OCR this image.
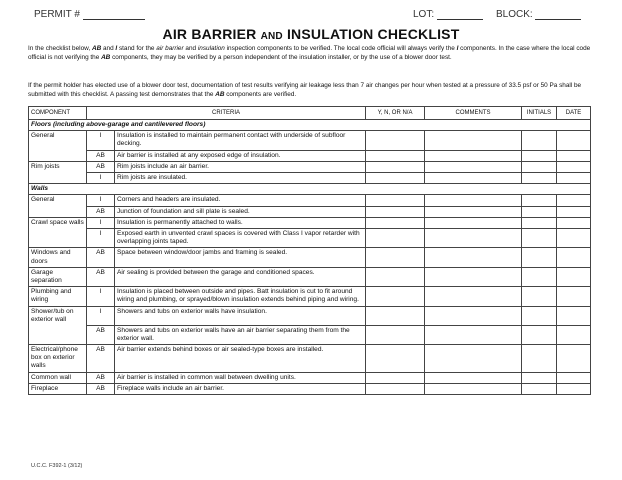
PERMIT #	LOT:	BLOCK:
AIR BARRIER AND INSULATION CHECKLIST
In the checklist below, AB and I stand for the air barrier and insulation inspection components to be verified. The local code official will always verify the I components. In the case where the local code official is not verifying the AB components, they may be verified by a person independent of the insulation installer, or by the use of a blower door test.
If the permit holder has elected use of a blower door test, documentation of test results verifying air leakage less than 7 air changes per hour when tested at a pressure of 33.5 psf or 50 Pa shall be submitted with this checklist. A passing test demonstrates that the AB components are verified.
COMPONENT	CRITERIA		Y, N, OR N/A	COMMENTS	INITIALS	DATE
Floors (including above-garage and cantilevered floors)						
General	I	Insulation is installed to maintain permanent contact with underside of subfloor decking.				
	AB	Air barrier is installed at any exposed edge of insulation.				
Rim joists	AB	Rim joists include an air barrier.				
	I	Rim joists are insulated.				
Walls						
General	I	Corners and headers are insulated.				
	AB	Junction of foundation and sill plate is sealed.				
Crawl space walls	I	Insulation is permanently attached to walls.				
	I	Exposed earth in unvented crawl spaces is covered with Class I vapor retarder with overlapping joints taped.				
Windows and doors	AB	Space between window/door jambs and framing is sealed.				
Garage separation	AB	Air sealing is provided between the garage and conditioned spaces.				
Plumbing and wiring	I	Insulation is placed between outside and pipes. Batt insulation is cut to fit around wiring and plumbing, or sprayed/blown insulation extends behind piping and wiring.				
Shower/tub on exterior wall	I	Showers and tubs on exterior walls have insulation.				
	AB	Showers and tubs on exterior walls have an air barrier separating them from the exterior wall.				
Electrical/phone box on exterior walls	AB	Air barrier extends behind boxes or air sealed-type boxes are installed.				
Common wall	AB	Air barrier is installed in common wall between dwelling units.				
Fireplace	AB	Fireplace walls include an air barrier.				
U.C.C. F392-1 (3/12)
